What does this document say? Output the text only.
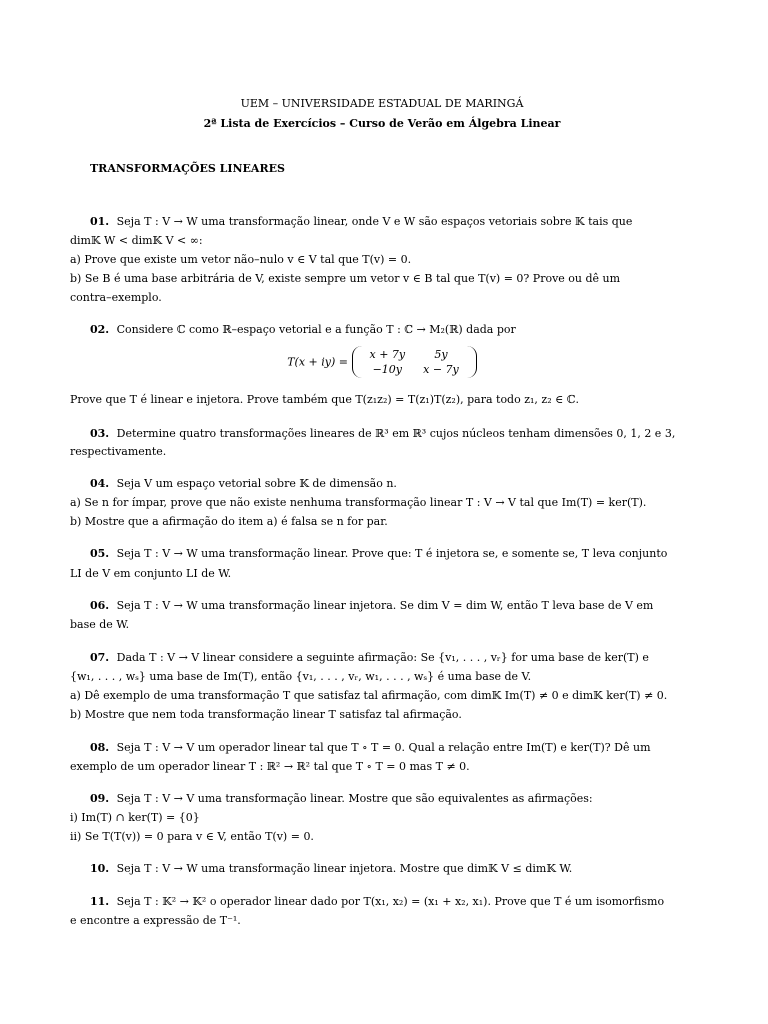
UEM – UNIVERSIDADE ESTADUAL DE MARINGÁ
2ª Lista de Exercícios – Curso de Verão em Álgebra Linear
TRANSFORMAÇÕES LINEARES
01. Seja T : V → W uma transformação linear, onde V e W são espaços vetoriais sobre 𝕂 tais que
dim𝕂 W < dim𝕂 V < ∞:
a) Prove que existe um vetor não–nulo v ∈ V tal que T(v) = 0.
b) Se B é uma base arbitrária de V, existe sempre um vetor v ∈ B tal que T(v) = 0? Prove ou dê um
contra–exemplo.
02. Considere ℂ como ℝ–espaço vetorial e a função T : ℂ → M₂(ℝ) dada por
T(x + iy) =
x + 7y	5y
−10y	x − 7y
Prove que T é linear e injetora. Prove também que T(z₁z₂) = T(z₁)T(z₂), para todo z₁, z₂ ∈ ℂ.
03. Determine quatro transformações lineares de ℝ³ em ℝ³ cujos núcleos tenham dimensões 0, 1, 2 e 3,
respectivamente.
04. Seja V um espaço vetorial sobre 𝕂 de dimensão n.
a) Se n for ímpar, prove que não existe nenhuma transformação linear T : V → V tal que Im(T) = ker(T).
b) Mostre que a afirmação do item a) é falsa se n for par.
05. Seja T : V → W uma transformação linear. Prove que: T é injetora se, e somente se, T leva conjunto
LI de V em conjunto LI de W.
06. Seja T : V → W uma transformação linear injetora. Se dim V = dim W, então T leva base de V em
base de W.
07. Dada T : V → V linear considere a seguinte afirmação: Se {v₁, . . . , vᵣ} for uma base de ker(T) e
{w₁, . . . , wₛ} uma base de Im(T), então {v₁, . . . , vᵣ, w₁, . . . , wₛ} é uma base de V.
a) Dê exemplo de uma transformação T que satisfaz tal afirmação, com dim𝕂 Im(T) ≠ 0 e dim𝕂 ker(T) ≠ 0.
b) Mostre que nem toda transformação linear T satisfaz tal afirmação.
08. Seja T : V → V um operador linear tal que T ∘ T = 0. Qual a relação entre Im(T) e ker(T)? Dê um
exemplo de um operador linear T : ℝ² → ℝ² tal que T ∘ T = 0 mas T ≠ 0.
09. Seja T : V → V uma transformação linear. Mostre que são equivalentes as afirmações:
i) Im(T) ∩ ker(T) = {0}
ii) Se T(T(v)) = 0 para v ∈ V, então T(v) = 0.
10. Seja T : V → W uma transformação linear injetora. Mostre que dim𝕂 V ≤ dim𝕂 W.
11. Seja T : 𝕂² → 𝕂² o operador linear dado por T(x₁, x₂) = (x₁ + x₂, x₁). Prove que T é um isomorfismo
e encontre a expressão de T⁻¹.
